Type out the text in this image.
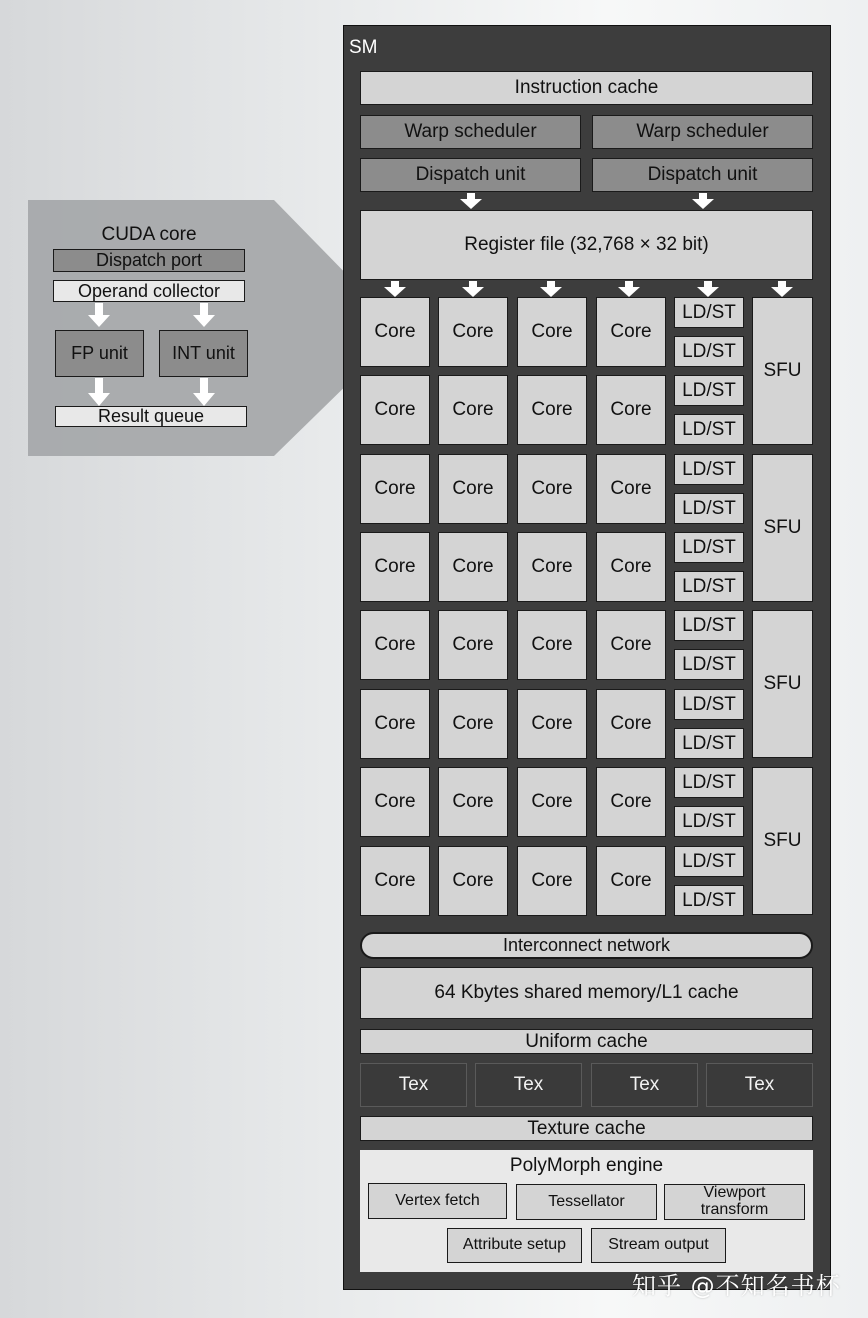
CUDA core
Dispatch port
Operand collector
FP unit	INT unit
Result queue
SM
Instruction cache
Warp scheduler	Warp scheduler
Dispatch unit	Dispatch unit
Register file (32,768 × 32 bit)
Core	Core	Core	Core
LD/ST
LD/ST
Core	Core	Core	Core
LD/ST
LD/ST
Core	Core	Core	Core
LD/ST
LD/ST
Core	Core	Core	Core
LD/ST
LD/ST
Core	Core	Core	Core
LD/ST
LD/ST
Core	Core	Core	Core
LD/ST
LD/ST
Core	Core	Core	Core
LD/ST
LD/ST
Core	Core	Core	Core
LD/ST
LD/ST
SFU
SFU
SFU
SFU
Interconnect network
64 Kbytes shared memory/L1 cache
Uniform cache
Tex	Tex	Tex	Tex
Texture cache
PolyMorph engine
Vertex fetch	Tessellator	Viewport
transform
Attribute setup	Stream output
知乎 @不知名书杯
